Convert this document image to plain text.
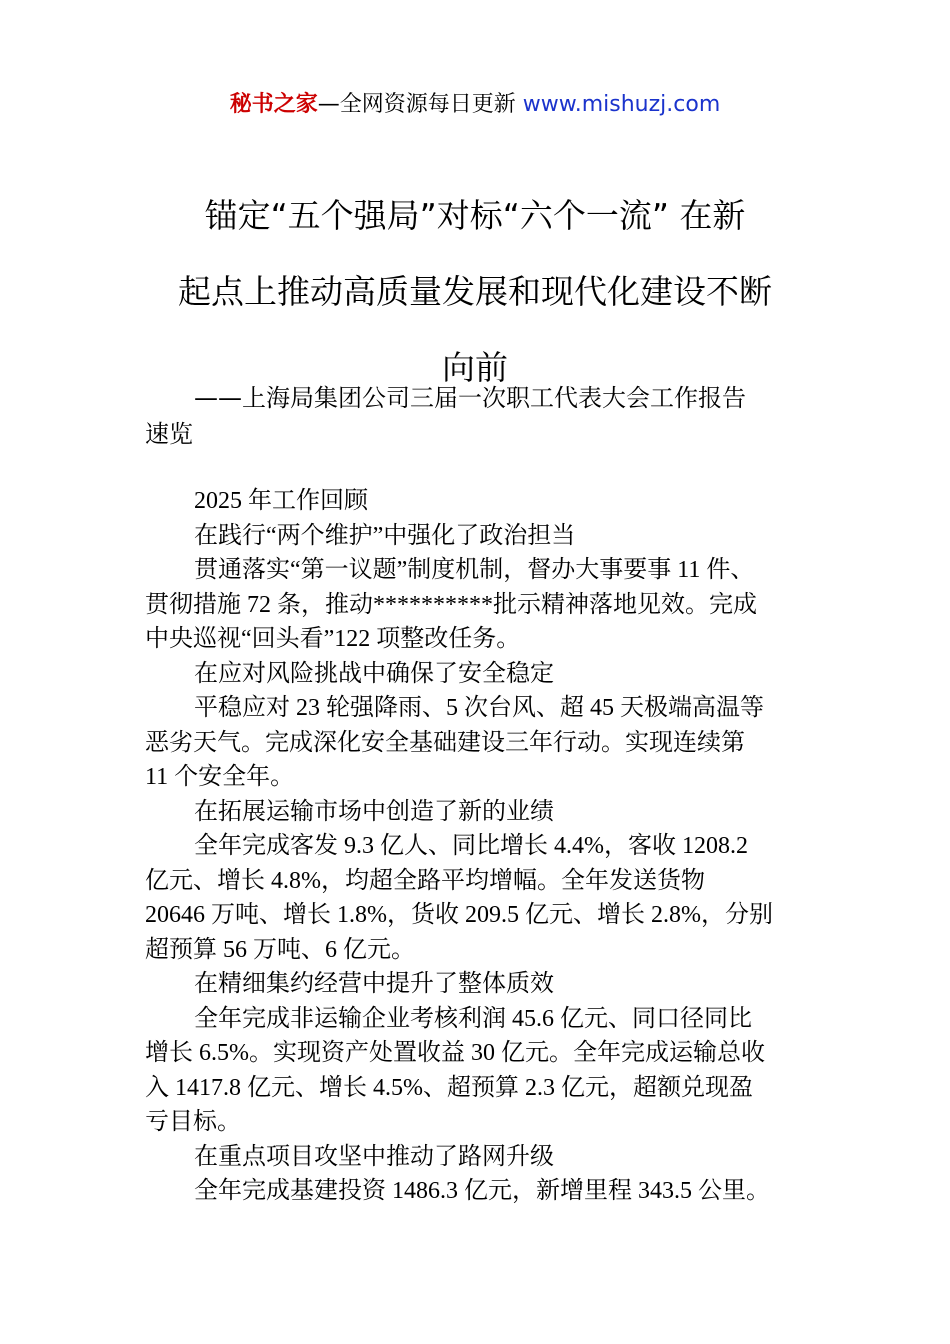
秘书之家—全网资源每日更新 www.mishuzj.com
锚定“五个强局”对标“六个一流” 在新
起点上推动高质量发展和现代化建设不断
向前
——上海局集团公司三届一次职工代表大会工作报告
速览
2025 年工作回顾
在践行“两个维护”中强化了政治担当
贯通落实“第一议题”制度机制，督办大事要事 11 件、
贯彻措施 72 条，推动**********批示精神落地见效。完成
中央巡视“回头看”122 项整改任务。
在应对风险挑战中确保了安全稳定
平稳应对 23 轮强降雨、5 次台风、超 45 天极端高温等
恶劣天气。完成深化安全基础建设三年行动。实现连续第
11 个安全年。
在拓展运输市场中创造了新的业绩
全年完成客发 9.3 亿人、同比增长 4.4%，客收 1208.2
亿元、增长 4.8%，均超全路平均增幅。全年发送货物
20646 万吨、增长 1.8%，货收 209.5 亿元、增长 2.8%，分别
超预算 56 万吨、6 亿元。
在精细集约经营中提升了整体质效
全年完成非运输企业考核利润 45.6 亿元、同口径同比
增长 6.5%。实现资产处置收益 30 亿元。全年完成运输总收
入 1417.8 亿元、增长 4.5%、超预算 2.3 亿元，超额兑现盈
亏目标。
在重点项目攻坚中推动了路网升级
全年完成基建投资 1486.3 亿元，新增里程 343.5 公里。
